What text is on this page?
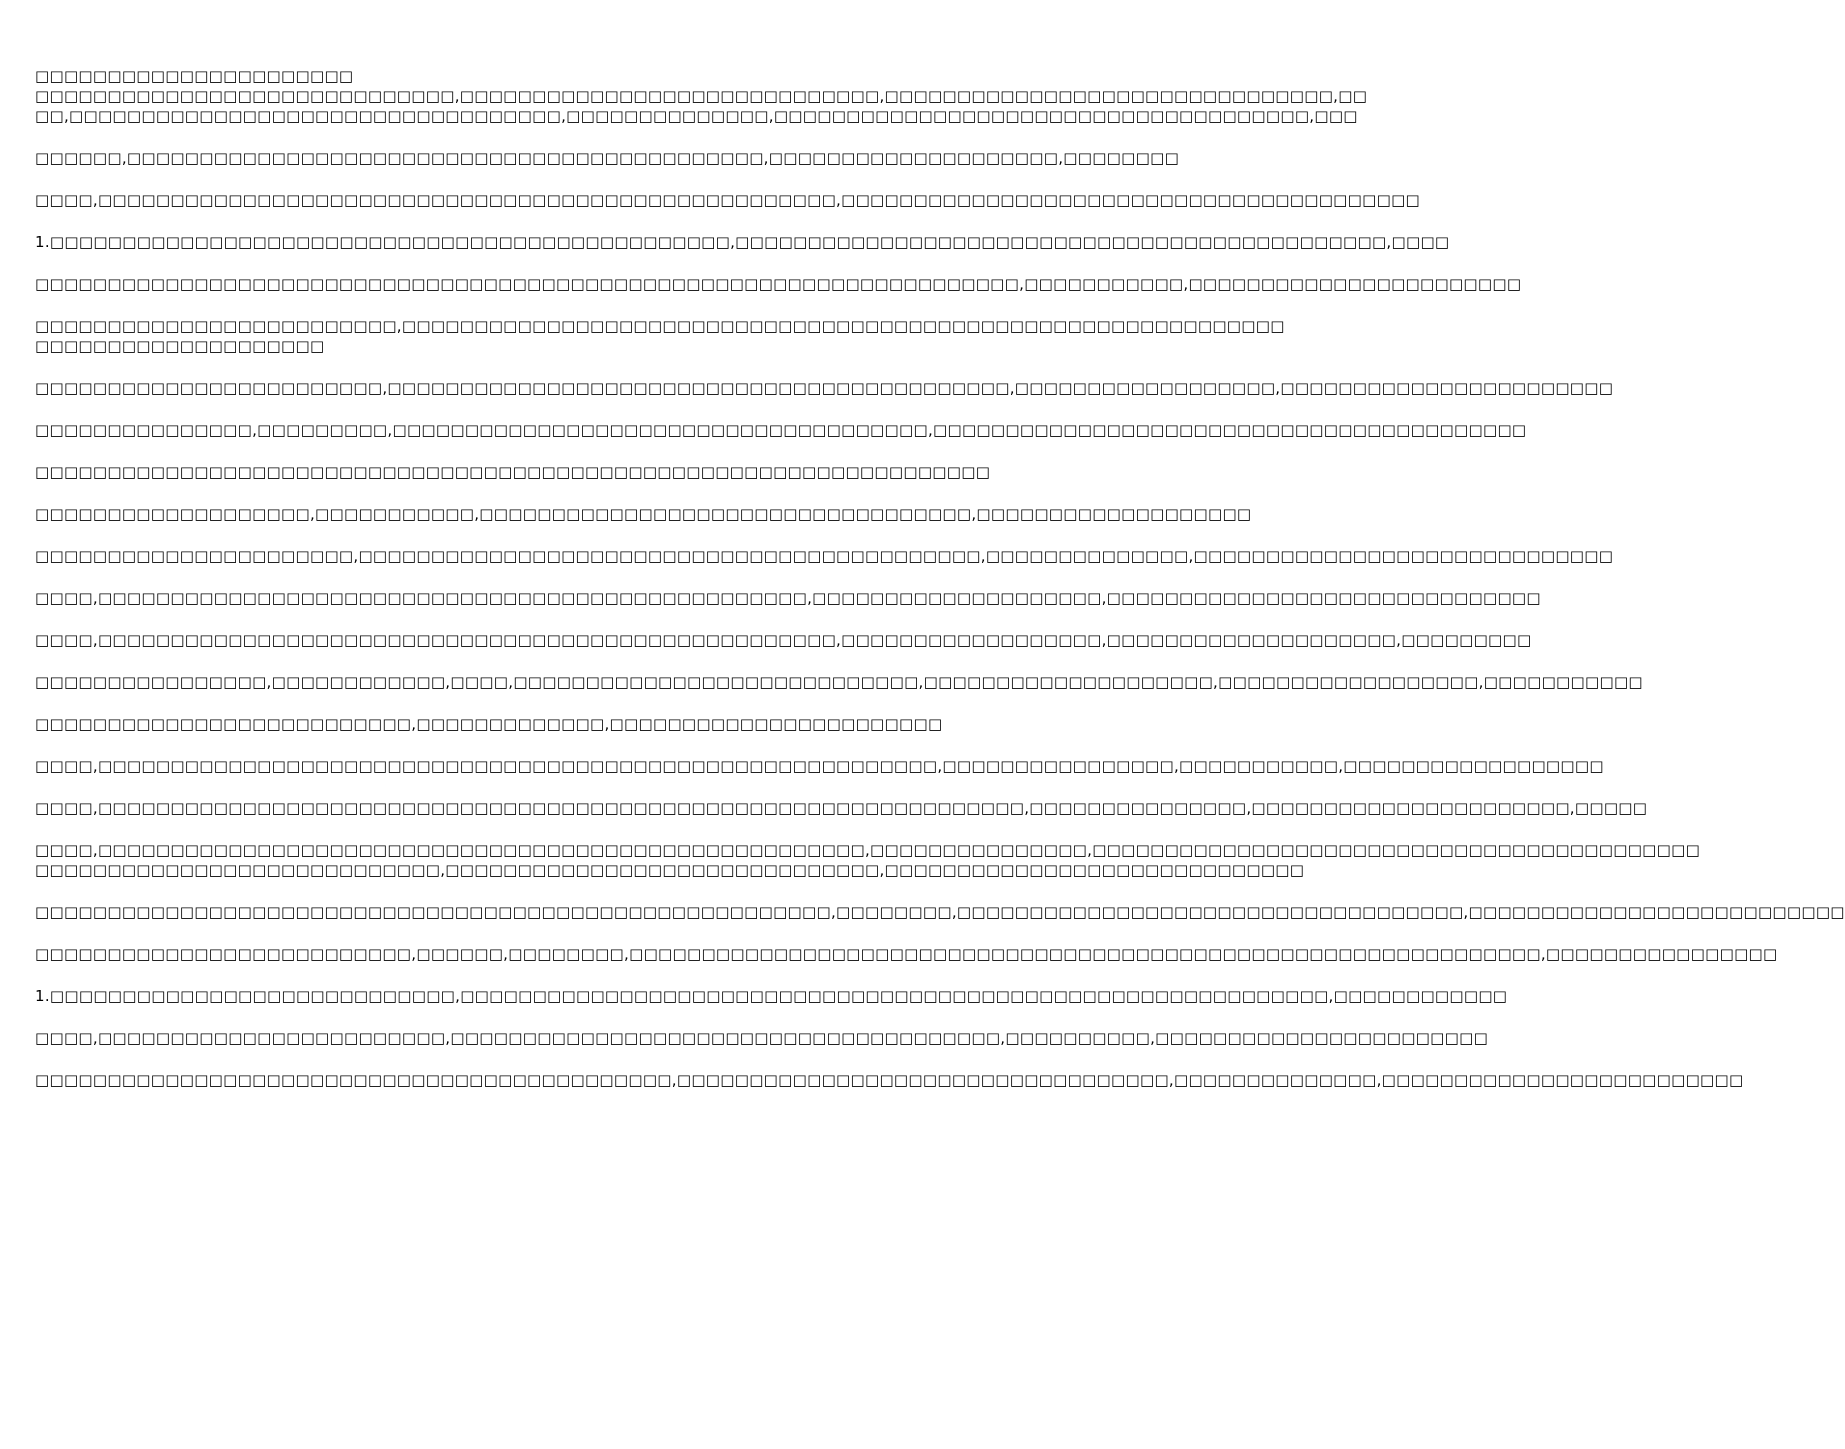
□□□□□□□□□□□□□□□□□□□□□□
□□□□□□□□□□□□□□□□□□□□□□□□□□□□□,□□□□□□□□□□□□□□□□□□□□□□□□□□□□□,□□□□□□□□□□□□□□□□□□□□□□□□□□□□□□□,□□
□□,□□□□□□□□□□□□□□□□□□□□□□□□□□□□□□□□□□,□□□□□□□□□□□□□□,□□□□□□□□□□□□□□□□□□□□□□□□□□□□□□□□□□□□□,□□□
□□□□□□,□□□□□□□□□□□□□□□□□□□□□□□□□□□□□□□□□□□□□□□□□□□□,□□□□□□□□□□□□□□□□□□□□,□□□□□□□□
□□□□,□□□□□□□□□□□□□□□□□□□□□□□□□□□□□□□□□□□□□□□□□□□□□□□□□□□,□□□□□□□□□□□□□□□□□□□□□□□□□□□□□□□□□□□□□□□□
1.□□□□□□□□□□□□□□□□□□□□□□□□□□□□□□□□□□□□□□□□□□□□□□□,□□□□□□□□□□□□□□□□□□□□□□□□□□□□□□□□□□□□□□□□□□□□□,□□□□
□□□□□□□□□□□□□□□□□□□□□□□□□□□□□□□□□□□□□□□□□□□□□□□□□□□□□□□□□□□□□□□□□□□□,□□□□□□□□□□□,□□□□□□□□□□□□□□□□□□□□□□□
□□□□□□□□□□□□□□□□□□□□□□□□□,□□□□□□□□□□□□□□□□□□□□□□□□□□□□□□□□□□□□□□□□□□□□□□□□□□□□□□□□□□□□□
□□□□□□□□□□□□□□□□□□□□
□□□□□□□□□□□□□□□□□□□□□□□□,□□□□□□□□□□□□□□□□□□□□□□□□□□□□□□□□□□□□□□□□□□□,□□□□□□□□□□□□□□□□□□,□□□□□□□□□□□□□□□□□□□□□□□
□□□□□□□□□□□□□□□,□□□□□□□□□,□□□□□□□□□□□□□□□□□□□□□□□□□□□□□□□□□□□□□,□□□□□□□□□□□□□□□□□□□□□□□□□□□□□□□□□□□□□□□□□
□□□□□□□□□□□□□□□□□□□□□□□□□□□□□□□□□□□□□□□□□□□□□□□□□□□□□□□□□□□□□□□□□□
□□□□□□□□□□□□□□□□□□□,□□□□□□□□□□□,□□□□□□□□□□□□□□□□□□□□□□□□□□□□□□□□□□,□□□□□□□□□□□□□□□□□□□
□□□□□□□□□□□□□□□□□□□□□□,□□□□□□□□□□□□□□□□□□□□□□□□□□□□□□□□□□□□□□□□□□□,□□□□□□□□□□□□□□,□□□□□□□□□□□□□□□□□□□□□□□□□□□□□
□□□□,□□□□□□□□□□□□□□□□□□□□□□□□□□□□□□□□□□□□□□□□□□□□□□□□□,□□□□□□□□□□□□□□□□□□□□,□□□□□□□□□□□□□□□□□□□□□□□□□□□□□□
□□□□,□□□□□□□□□□□□□□□□□□□□□□□□□□□□□□□□□□□□□□□□□□□□□□□□□□□,□□□□□□□□□□□□□□□□□□,□□□□□□□□□□□□□□□□□□□□,□□□□□□□□□
□□□□□□□□□□□□□□□□,□□□□□□□□□□□□,□□□□,□□□□□□□□□□□□□□□□□□□□□□□□□□□□,□□□□□□□□□□□□□□□□□□□□,□□□□□□□□□□□□□□□□□□,□□□□□□□□□□□
□□□□□□□□□□□□□□□□□□□□□□□□□□,□□□□□□□□□□□□□,□□□□□□□□□□□□□□□□□□□□□□□
□□□□,□□□□□□□□□□□□□□□□□□□□□□□□□□□□□□□□□□□□□□□□□□□□□□□□□□□□□□□□□□,□□□□□□□□□□□□□□□□,□□□□□□□□□□□,□□□□□□□□□□□□□□□□□□
□□□□,□□□□□□□□□□□□□□□□□□□□□□□□□□□□□□□□□□□□□□□□□□□□□□□□□□□□□□□□□□□□□□□□,□□□□□□□□□□□□□□□,□□□□□□□□□□□□□□□□□□□□□□,□□□□□
□□□□,□□□□□□□□□□□□□□□□□□□□□□□□□□□□□□□□□□□□□□□□□□□□□□□□□□□□□,□□□□□□□□□□□□□□□,□□□□□□□□□□□□□□□□□□□□□□□□□□□□□□□□□□□□□□□□□□
□□□□□□□□□□□□□□□□□□□□□□□□□□□□,□□□□□□□□□□□□□□□□□□□□□□□□□□□□□□,□□□□□□□□□□□□□□□□□□□□□□□□□□□□□
□□□□□□□□□□□□□□□□□□□□□□□□□□□□□□□□□□□□□□□□□□□□□□□□□□□□□□□,□□□□□□□□,□□□□□□□□□□□□□□□□□□□□□□□□□□□□□□□□□□□,□□□□□□□□□□□□□□□□□□□□□□□□□□
□□□□□□□□□□□□□□□□□□□□□□□□□□,□□□□□□,□□□□□□□□,□□□□□□□□□□□□□□□□□□□□□□□□□□□□□□□□□□□□□□□□□□□□□□□□□□□□□□□□□□□□□□□,□□□□□□□□□□□□□□□□
1.□□□□□□□□□□□□□□□□□□□□□□□□□□□□,□□□□□□□□□□□□□□□□□□□□□□□□□□□□□□□□□□□□□□□□□□□□□□□□□□□□□□□□□□□□,□□□□□□□□□□□□
□□□□,□□□□□□□□□□□□□□□□□□□□□□□□,□□□□□□□□□□□□□□□□□□□□□□□□□□□□□□□□□□□□□□,□□□□□□□□□□,□□□□□□□□□□□□□□□□□□□□□□□
□□□□□□□□□□□□□□□□□□□□□□□□□□□□□□□□□□□□□□□□□□□□,□□□□□□□□□□□□□□□□□□□□□□□□□□□□□□□□□□,□□□□□□□□□□□□□□,□□□□□□□□□□□□□□□□□□□□□□□□□
